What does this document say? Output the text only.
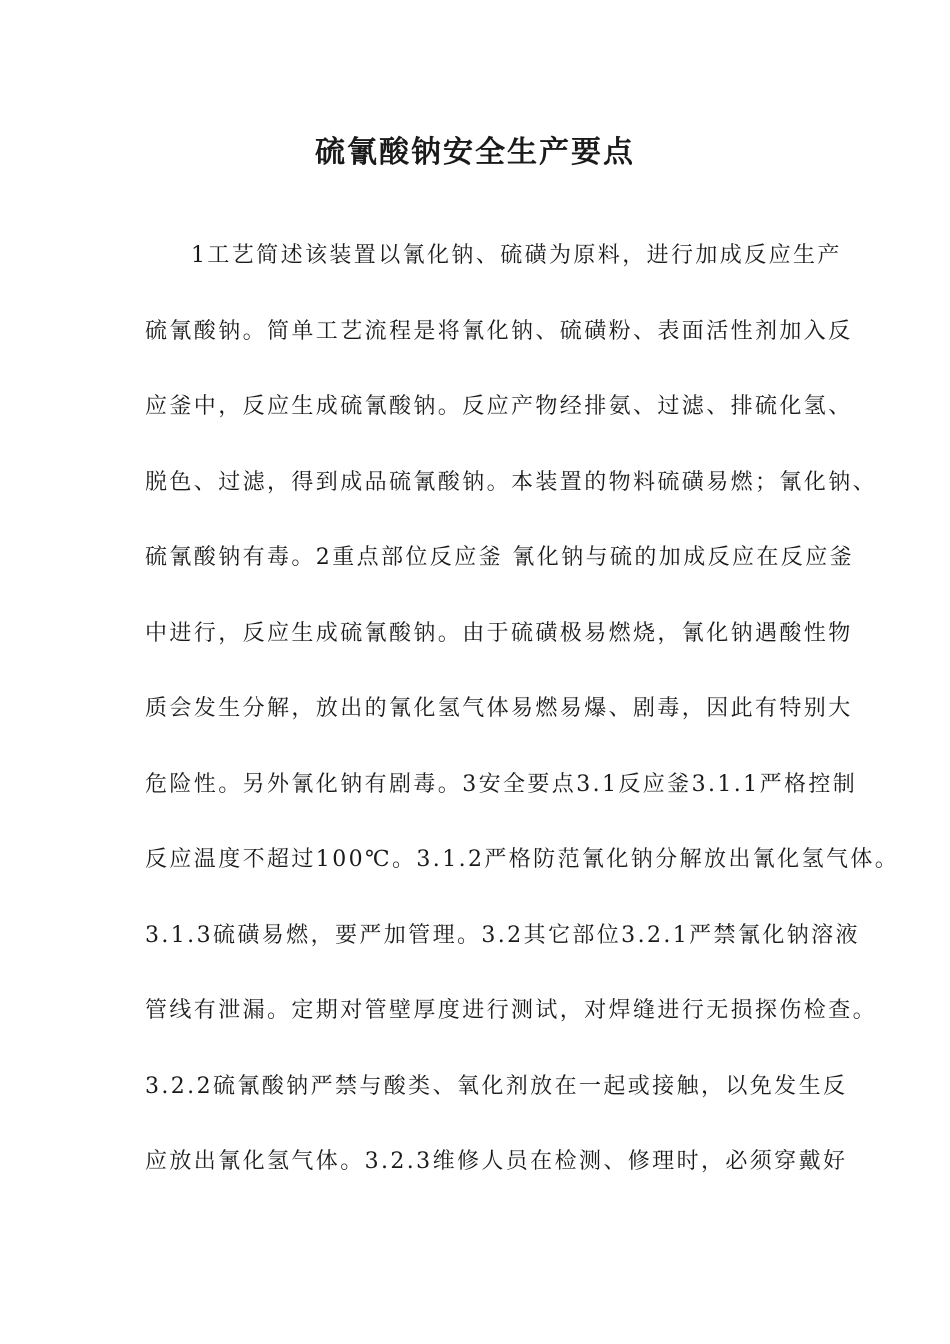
硫氰酸钠安全生产要点
1工艺简述该装置以氰化钠、硫磺为原料，进行加成反应生产
硫氰酸钠。简单工艺流程是将氰化钠、硫磺粉、表面活性剂加入反
应釜中，反应生成硫氰酸钠。反应产物经排氨、过滤、排硫化氢、
脱色、过滤，得到成品硫氰酸钠。本装置的物料硫磺易燃；氰化钠、
硫氰酸钠有毒。2重点部位反应釜 氰化钠与硫的加成反应在反应釜
中进行，反应生成硫氰酸钠。由于硫磺极易燃烧，氰化钠遇酸性物
质会发生分解，放出的氰化氢气体易燃易爆、剧毒，因此有特别大
危险性。另外氰化钠有剧毒。3安全要点3.1反应釜3.1.1严格控制
反应温度不超过100℃。3.1.2严格防范氰化钠分解放出氰化氢气体。
3.1.3硫磺易燃，要严加管理。3.2其它部位3.2.1严禁氰化钠溶液
管线有泄漏。定期对管壁厚度进行测试，对焊缝进行无损探伤检查。
3.2.2硫氰酸钠严禁与酸类、氧化剂放在一起或接触，以免发生反
应放出氰化氢气体。3.2.3维修人员在检测、修理时，必须穿戴好
